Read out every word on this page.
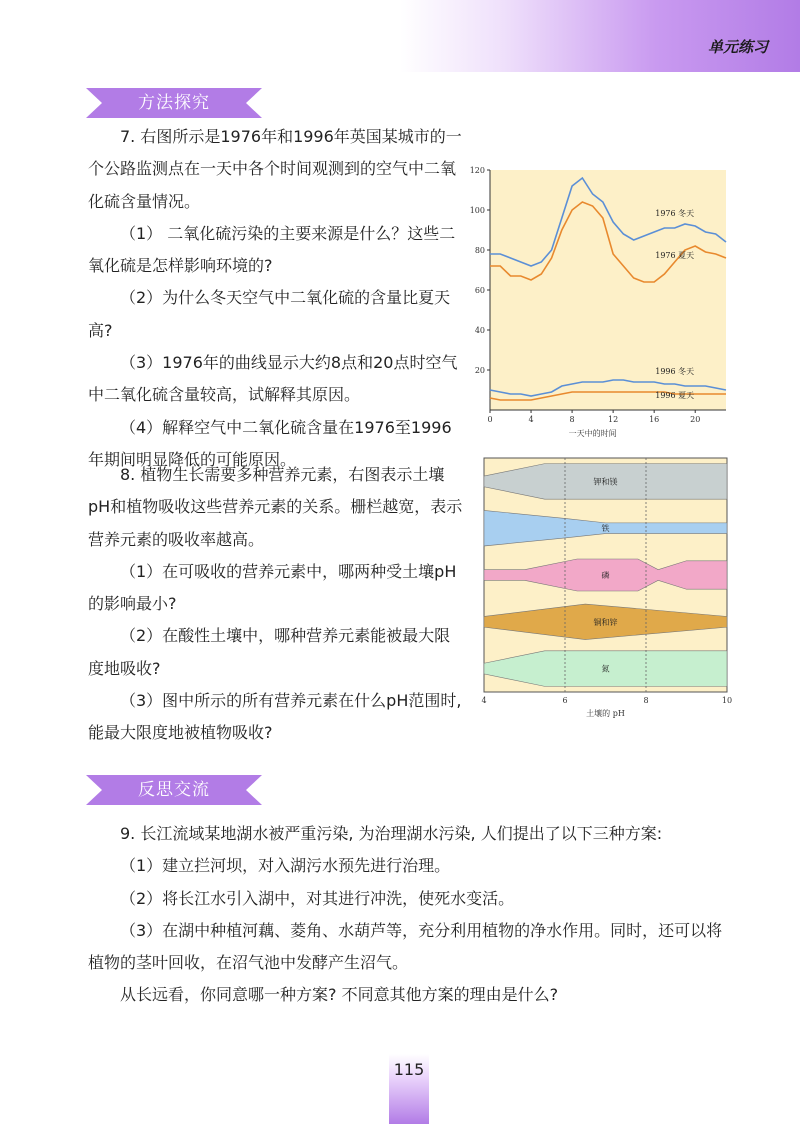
单元练习
方法探究

7. 右图所示是1976年和1996年英国某城市的一个公路监测点在一天中各个时间观测到的空气中二氧化硫含量情况。

（1） 二氧化硫污染的主要来源是什么？这些二氧化硫是怎样影响环境的?

（2）为什么冬天空气中二氧化硫的含量比夏天高?

（3）1976年的曲线显示大约8点和20点时空气中二氧化硫含量较高，试解释其原因。

（4）解释空气中二氧化硫含量在1976至1996年期间明显降低的可能原因。

8. 植物生长需要多种营养元素，右图表示土壤pH和植物吸收这些营养元素的关系。栅栏越宽，表示营养元素的吸收率越高。

（1）在可吸收的营养元素中，哪两种受土壤pH的影响最小?

（2）在酸性土壤中，哪种营养元素能被最大限度地吸收?

（3）图中所示的所有营养元素在什么pH范围时, 能最大限度地被植物吸收?

20
40
60
80
100
120
0	4	8	12	16	20
一天中的时间
1976 冬天
1976 夏天
1996 冬天
1996 夏天
钾和镁
铁
磷
铜和锌
氮
4	6	8	10
土壤的 pH
反思交流

9. 长江流域某地湖水被严重污染, 为治理湖水污染, 人们提出了以下三种方案:

（1）建立拦河坝，对入湖污水预先进行治理。

（2）将长江水引入湖中，对其进行冲洗，使死水变活。

（3）在湖中种植河藕、菱角、水葫芦等，充分利用植物的净水作用。同时，还可以将植物的茎叶回收，在沼气池中发酵产生沼气。

从长远看，你同意哪一种方案? 不同意其他方案的理由是什么?

115
